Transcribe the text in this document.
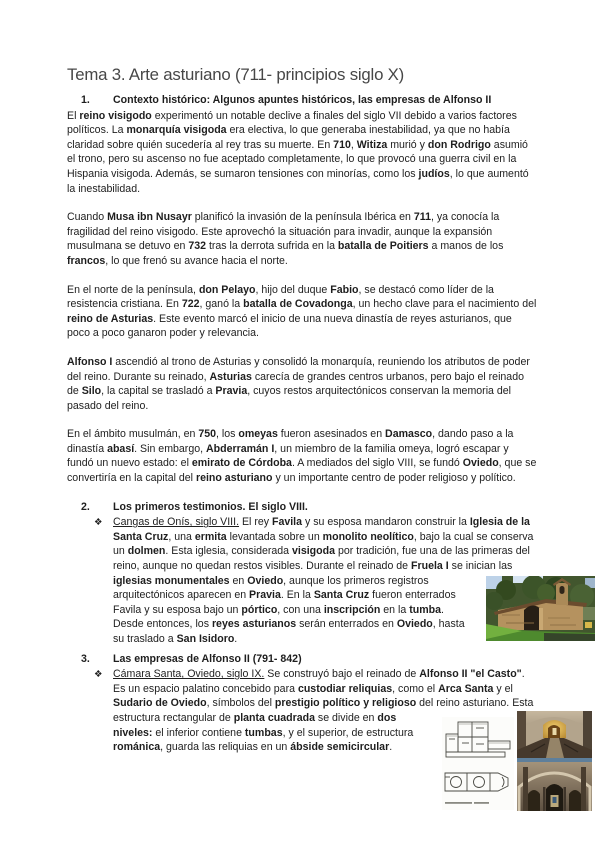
Tema 3. Arte asturiano (711- principios siglo X)
1. Contexto histórico: Algunos apuntes históricos, las empresas de Alfonso II
El reino visigodo experimentó un notable declive a finales del siglo VII debido a varios factores políticos. La monarquía visigoda era electiva, lo que generaba inestabilidad, ya que no había claridad sobre quién sucedería al rey tras su muerte. En 710, Witiza murió y don Rodrigo asumió el trono, pero su ascenso no fue aceptado completamente, lo que provocó una guerra civil en la Hispania visigoda. Además, se sumaron tensiones con minorías, como los judíos, lo que aumentó la inestabilidad.
Cuando Musa ibn Nusayr planificó la invasión de la península Ibérica en 711, ya conocía la fragilidad del reino visigodo. Este aprovechó la situación para invadir, aunque la expansión musulmana se detuvo en 732 tras la derrota sufrida en la batalla de Poitiers a manos de los francos, lo que frenó su avance hacia el norte.
En el norte de la península, don Pelayo, hijo del duque Fabio, se destacó como líder de la resistencia cristiana. En 722, ganó la batalla de Covadonga, un hecho clave para el nacimiento del reino de Asturias. Este evento marcó el inicio de una nueva dinastía de reyes asturianos, que poco a poco ganaron poder y relevancia.
Alfonso I ascendió al trono de Asturias y consolidó la monarquía, reuniendo los atributos de poder del reino. Durante su reinado, Asturias carecía de grandes centros urbanos, pero bajo el reinado de Silo, la capital se trasladó a Pravia, cuyos restos arquitectónicos conservan la memoria del pasado del reino.
En el ámbito musulmán, en 750, los omeyas fueron asesinados en Damasco, dando paso a la dinastía abasí. Sin embargo, Abderramán I, un miembro de la familia omeya, logró escapar y fundó un nuevo estado: el emirato de Córdoba. A mediados del siglo VIII, se fundó Oviedo, que se convertiría en la capital del reino asturiano y un importante centro de poder religioso y político.
2. Los primeros testimonios. El siglo VIII.
❖ Cangas de Onís, siglo VIII. El rey Favila y su esposa mandaron construir la Iglesia de la Santa Cruz, una ermita levantada sobre un monolito neolítico, bajo la cual se conserva un dolmen. Esta iglesia, considerada visigoda por tradición, fue una de las primeras del reino, aunque no quedan restos visibles. Durante el reinado de Fruela I se inician las iglesias monumentales en Oviedo, aunque los primeros
registros arquitectónicos aparecen en Pravia. En la Santa Cruz fueron enterrados Favila y su esposa bajo un pórtico, con una inscripción en la tumba. Desde entonces, los reyes asturianos serán enterrados en Oviedo, hasta su traslado a San Isidoro.
3. Las empresas de Alfonso II (791- 842)
❖ Cámara Santa, Oviedo, siglo IX. Se construyó bajo el reinado de Alfonso II "el Casto". Es un espacio palatino concebido para custodiar reliquias, como el Arca Santa y el Sudario de Oviedo, símbolos del prestigio político y religioso del reino asturiano. Esta estructura rectangular de planta cuadrada se divide en dos
niveles: el inferior contiene tumbas, y el superior, de estructura románica, guarda las reliquias en un ábside semicircular.
